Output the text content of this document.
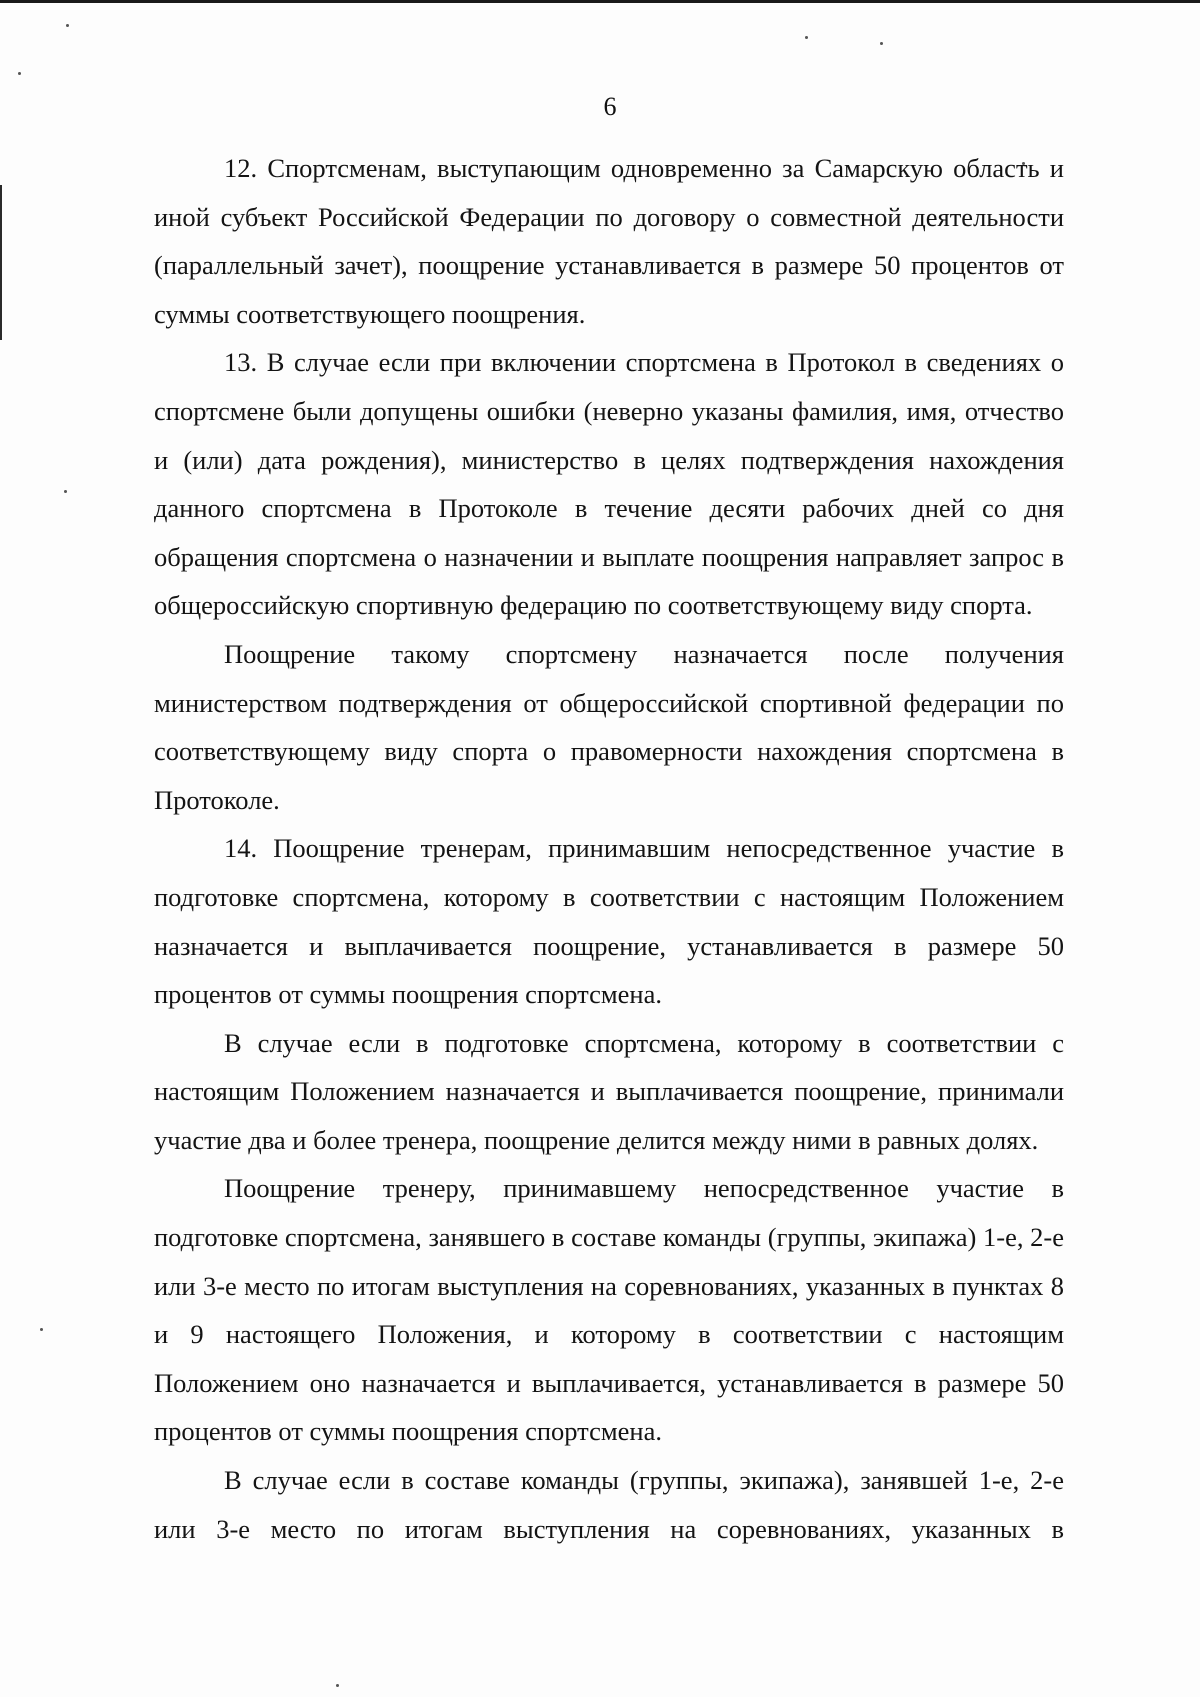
6

12. Спортсменам, выступающим одновременно за Самарскую область и иной субъект Российской Федерации по договору о совместной деятельности (параллельный зачет), поощрение устанавливается в размере 50 процентов от суммы соответствующего поощрения.

13. В случае если при включении спортсмена в Протокол в сведениях о спортсмене были допущены ошибки (неверно указаны фамилия, имя, отчество и (или) дата рождения), министерство в целях подтверждения нахождения данного спортсмена в Протоколе в течение десяти рабочих дней со дня обращения спортсмена о назначении и выплате поощрения направляет запрос в общероссийскую спортивную федерацию по соответствующему виду спорта.

Поощрение такому спортсмену назначается после получения министерством подтверждения от общероссийской спортивной федерации по соответствующему виду спорта о правомерности нахождения спортсмена в Протоколе.

14. Поощрение тренерам, принимавшим непосредственное участие в подготовке спортсмена, которому в соответствии с настоящим Положением назначается и выплачивается поощрение, устанавливается в размере 50 процентов от суммы поощрения спортсмена.

В случае если в подготовке спортсмена, которому в соответствии с настоящим Положением назначается и выплачивается поощрение, принимали участие два и более тренера, поощрение делится между ними в равных долях.

Поощрение тренеру, принимавшему непосредственное участие в подготовке спортсмена, занявшего в составе команды (группы, экипажа) 1-е, 2-е или 3-е место по итогам выступления на соревнованиях, указанных в пунктах 8 и 9 настоящего Положения, и которому в соответствии с настоящим Положением оно назначается и выплачивается, устанавливается в размере 50 процентов от суммы поощрения спортсмена.

В случае если в составе команды (группы, экипажа), занявшей 1-е, 2-е или 3-е место по итогам выступления на соревнованиях, указанных в
